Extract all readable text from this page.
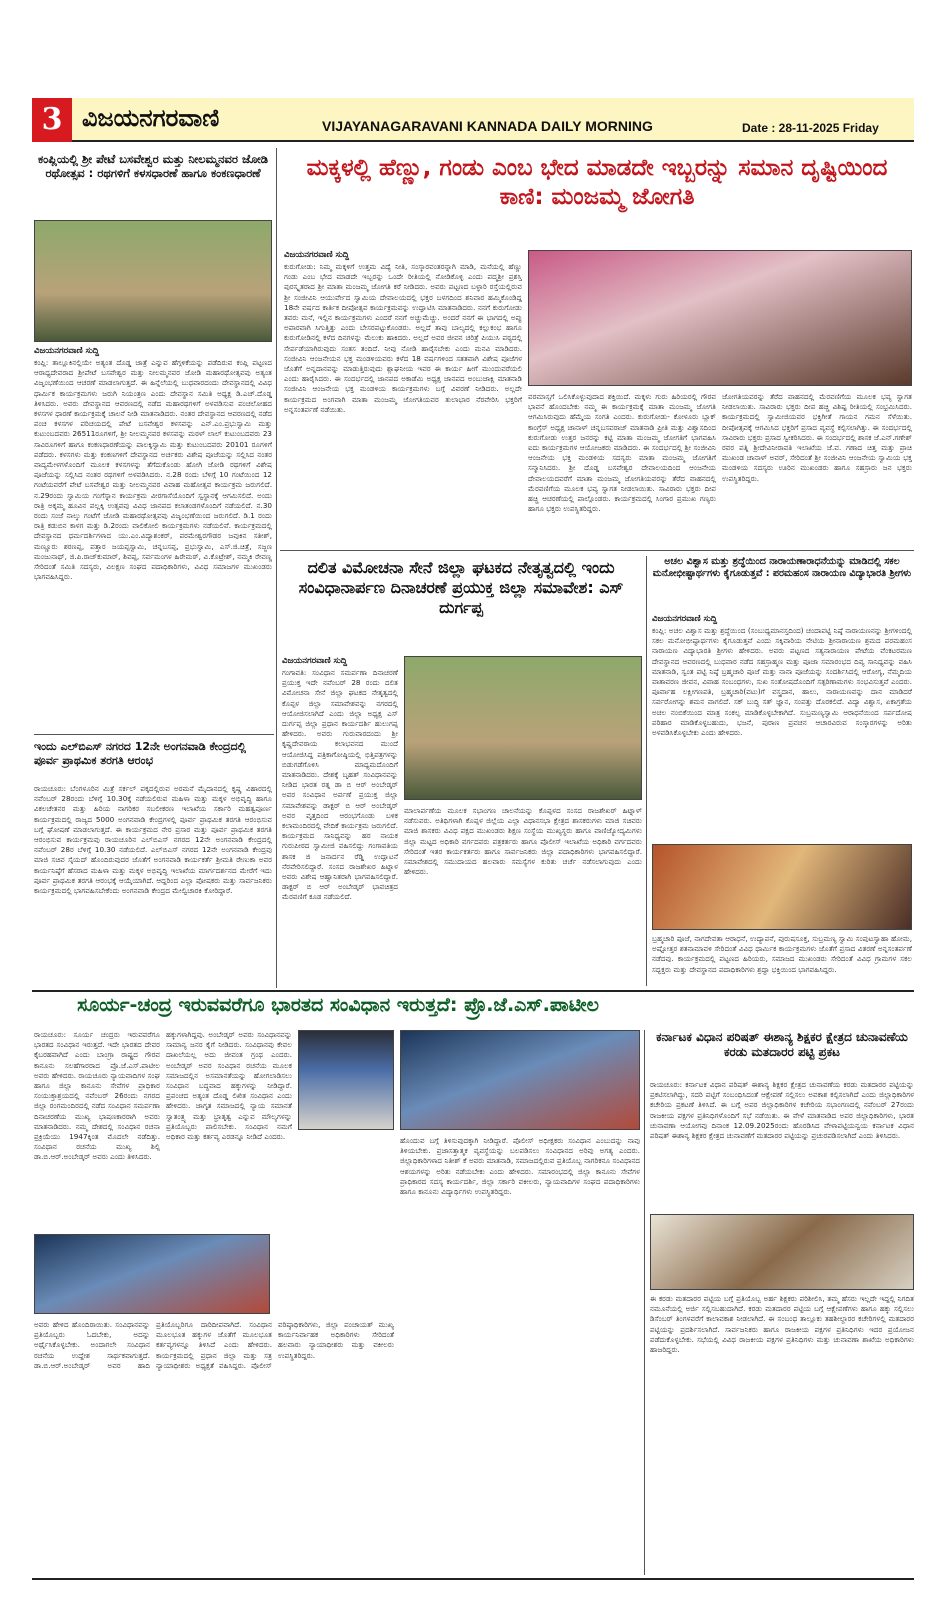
3 ವಿಜಯನಗರವಾಣಿ	VIJAYANAGARAVANI KANNADA DAILY MORNING	Date : 28-11-2025 Friday
ಕಂಪ್ಲಿಯಲ್ಲಿ ಶ್ರೀ ಪೇಟೆ ಬಸವೇಶ್ವರ ಮತ್ತು ನೀಲಮ್ಮನವರ ಜೋಡಿ ರಥೋತ್ಸವ : ರಥಗಳಿಗೆ ಕಳಸಧಾರಣೆ ಹಾಗೂ ಕಂಕಣಧಾರಣೆ
ವಿಜಯನಗರವಾಣಿ ಸುದ್ದಿ
ಕಂಪ್ಲಿ: ತಾಲ್ಲೂಕಿನಲ್ಲಿಯೇ ಅತ್ಯಂತ ದೊಡ್ಡ ಜಾತ್ರೆ ಎನ್ನುವ ಹೆಗ್ಗಳಿಕೆಯನ್ನು ಪಡೆದಿರುವ ಕಂಪ್ಲಿ ಪಟ್ಟಣದ ಆರಾಧ್ಯದೇವರಾದ ಶ್ರೀಪೇಟೆ ಬಸವೇಶ್ವರ ಮತ್ತು ನೀಲಮ್ಮನವರ ಜೋಡಿ ಮಹಾರಥೋತ್ಸವವು ಅತ್ಯಂತ ವಿಜೃಂಭಣೆಯಿಂದ ಆಚರಣೆ ಮಾಡಲಾಗುತ್ತದೆ. ಈ ಹಿನ್ನೆಲೆಯಲ್ಲಿ ಬುಧವಾರದಂದು ದೇವಸ್ಥಾನದಲ್ಲಿ ವಿವಿಧ ಧಾರ್ಮಿಕ ಕಾರ್ಯಕ್ರಮಗಳು ಜರುಗಿ ನಿಯಂತ್ರಣ ಎಂದು ದೇವಸ್ಥಾನ ಸಮಿತಿ ಅಧ್ಯಕ್ಷ ಡಿ.ಎಚ್.ದೊಡ್ಡ ತಿಳಿಸಿದರು. ಅವರು ದೇವಸ್ಥಾನದ ಆವರಣದಲ್ಲಿ ನಡೆದ ಮಹಾರಥಗಳಿಗೆ ಅಳವಡಿಸುವ ಪಂಚಲೋಹದ ಕಳಸಗಳ ಧಾರಣೆ ಕಾರ್ಯಕ್ರಮಕ್ಕೆ ಚಾಲನೆ ನೀಡಿ ಮಾತನಾಡಿದರು. ನಂತರ ದೇವಸ್ಥಾನದ ಆವರಣದಲ್ಲಿ ನಡೆದ ಪಂಚ ಕಳಸಗಳ ಪರಿಚಯದಲ್ಲಿ ಪೇಟೆ ಬಸವೇಶ್ವರ ಕಳಸವನ್ನು ಎನ್.ಎಂ.ಪ್ರಭುಸ್ವಾಮಿ ಮತ್ತು ಕುಟುಂಬದವರು 26511ರೂಗಳಿಗೆ, ಶ್ರೀ ನೀಲಮ್ಮನವರ ಕಳಸವನ್ನು ಮಠಳ್ ಲಾಲ್ ಕುಟುಂಬದವರು 23 ಸಾವಿರೂಗಳಿಗೆ ಹಾಗೂ ಕಂಕಣಧಾರಣೆಯನ್ನು ಪಾಲಕ್ಕಿಸ್ವಾಮಿ ಮತ್ತು ಕುಟುಂಬದವರು 20101 ರೂಗಳಿಗೆ ಪಡೆದರು. ಕಳಸಗಳು ಮತ್ತು ಕಂಕಣಗಳಿಗೆ ದೇವಸ್ಥಾನದ ಅರ್ಚಕರು ವಿಶೇಷ ಪೂಜೆಯನ್ನು ಸಲ್ಲಿಸಿದ ನಂತರ ವಾದ್ಯಮೇಳಗಳೊಂದಿಗೆ ಮೂಲಕ ಕಳಸಗಳನ್ನು ತೆಗೆದುಕೊಂಡು ಹೋಗಿ ಜೋಡಿ ರಥಗಳಿಗೆ ವಿಶೇಷ ಪೂಜೆಯನ್ನು ಸಲ್ಲಿಸಿದ ನಂತರ ರಥಗಳಿಗೆ ಅಳವಡಿಸಿದರು. ನ.28 ರಂದು ಬೆಳಿಗ್ಗೆ 10 ಗಂಟೆಯಿಂದ 12 ಗಂಟೆಯವರೆಗೆ ಪೇಟೆ ಬಸವೇಶ್ವರ ಮತ್ತು ನೀಲಮ್ಮನವರ ವಿವಾಹ ಮಹೋತ್ಸವ ಕಾರ್ಯಕ್ರಮ ಜರುಗಲಿದೆ. ನ.29ರಂದು ಸ್ವಾಮಿಯ ಗಂಗೆಸ್ನಾನ ಕಾರ್ಯಕ್ರಮ ವೀರಗಾಸೆಯೊಂದಿಗೆ ಸ್ವಸ್ಥಾನಕ್ಕೆ ಆಗಮಿಸಲಿದೆ. ಅಂದು ರಾತ್ರಿ ಅಕ್ಕಮ್ಮ ಹೂವಿನ ಪಲ್ಲಕ್ಕಿ ಉತ್ಸವವು ವಿವಿಧ ಜಾನಪದ ಕಲಾತಂಡಗಳೊಂದಿಗೆ ನಡೆಯಲಿದೆ. ನ.30 ರಂದು ಸಂಜೆ ನಾಲ್ಕು ಗಂಟೆಗೆ ಜೋಡಿ ಮಹಾರಥೋತ್ಸವವು ವಿಜೃಂಭಣೆಯಿಂದ ಜರುಗಲಿದೆ. ಡಿ.1 ರಂದು ರಾತ್ರಿ ಕಡುಬಿನ ಕಾಳಗ ಮತ್ತು ಡಿ.2ರಂದು ವಾಲಿಕೋಲಿ ಕಾರ್ಯಕ್ರಮಗಳು ನಡೆಯಲಿವೆ. ಕಾರ್ಯಕ್ರಮದಲ್ಲಿ ದೇವಸ್ಥಾನದ ಧರ್ಮದರ್ಶಿಗಳಾದ ಯು.ಎಂ.ವಿದ್ಯಾಶಂಕರ್, ಪರಮೇಶ್ವರಗೌಡರ ಜವುಕಿನ ಸತೀಶ್, ಮಣ್ಣೂರು ಶರಣಪ್ಪ, ಪತ್ತಾರ ಜಯಪ್ಪಸ್ವಾಮಿ, ಚನ್ನಬಸಪ್ಪ, ಪ್ರಭುಸ್ವಾಮಿ, ಎಸ್.ಜಿ.ಚಿತ್ರೆ, ಸಜ್ಜಣ ಮಂಜುನಾಥ್, ಜಿ.ಪಿ.ರಾಜ್‌ಕುಮಾರ್, ಶಿವಪ್ಪ, ಸರ್ವಮಂಗಳ ಹಿರೇಮಠ್, ವಿ.ಕೊಟ್ರೇಶ್, ನಮ್ಮಕಿ ರೇವಣ್ಣ ಸೇರಿದಂತೆ ಸಮಿತಿ ಸದಸ್ಯರು, ವಿಲಕ್ಷಣ ಸಂಘದ ಪದಾಧಿಕಾರಿಗಳು, ವಿವಿಧ ಸಮಾಜಗಳ ಮುಖಂಡರು ಭಾಗವಹಿಸಿದ್ದರು.
ಇಂದು ಎಲ್‌ಬಿಎಸ್ ನಗರದ 12ನೇ ಅಂಗನವಾಡಿ ಕೇಂದ್ರದಲ್ಲಿ ಪೂರ್ವ ಪ್ರಾಥಮಿಕ ತರಗತಿ ಆರಂಭ
ರಾಯಚೂರು: ಬೆಂಗಳೂರಿನ ಮಿತ್ರೆ ಸರ್ಕಲ್ ಪಕ್ಕದಲ್ಲಿರುವ ಅರಮನೆ ಮೈದಾನದಲ್ಲಿ ಕೃಷ್ಣ ವಿಹಾರದಲ್ಲಿ ನವೆಂಬರ್ 28ರಂದು ಬೆಳಿಗ್ಗೆ 10.30ಕ್ಕೆ ನಡೆಯಲಿರುವ ಮಹಿಳಾ ಮತ್ತು ಮಕ್ಕಳ ಅಭಿವೃದ್ಧಿ ಹಾಗೂ ವಿಕಲಚೇತನರ ಮತ್ತು ಹಿರಿಯ ನಾಗರಿಕರ ಸಬಲೀಕರಣ ಇಲಾಖೆಯ ಸರ್ಕಾರಿ ಮಹತ್ವಪೂರ್ಣ ಕಾರ್ಯಕ್ರಮದಲ್ಲಿ ರಾಜ್ಯದ 5000 ಅಂಗನವಾಡಿ ಕೇಂದ್ರಗಳಲ್ಲಿ ಪೂರ್ವ ಪ್ರಾಥಮಿಕ ತರಗತಿ ಆರಂಭಿಸುವ ಬಗ್ಗೆ ಘೋಷಣೆ ಮಾಡಲಾಗುತ್ತದೆ. ಈ ಕಾರ್ಯಕ್ರಮದ ನೇರ ಪ್ರಸಾರ ಮತ್ತು ಪೂರ್ವ ಪ್ರಾಥಮಿಕ ತರಗತಿ ಆರಂಭಿಸುವ ಕಾರ್ಯಕ್ರಮವು ರಾಯಚೂರಿನ ಎಲ್‌ಬಿಎಸ್ ನಗರದ 12ನೇ ಅಂಗನವಾಡಿ ಕೇಂದ್ರದಲ್ಲಿ ನವೆಂಬರ್ 28ರ ಬೆಳಿಗ್ಗೆ 10.30 ನಡೆಯಲಿದೆ. ಎಲ್‌ಬಿಎಸ್ ನಗರದ 12ನೇ ಅಂಗನವಾಡಿ ಕೇಂದ್ರವು ಮಾಜಿ ಸಚಿವ ಸೈಯದ್ ಹೊಂದಿರುವುದರ ಜೊತೆಗೆ ಅಂಗನವಾಡಿ ಕಾರ್ಯಕರ್ತೆ ಶ್ರೀಮತಿ ರೇಣುಕಾ ಅವರ ಕಾರ್ಯನಿಷ್ಠೆಗೆ ಹೆಸರಾದ ಮಹಿಳಾ ಮತ್ತು ಮಕ್ಕಳ ಅಭಿವೃದ್ಧಿ ಇಲಾಖೆಯ ಮಾರ್ಗದರ್ಶನದ ಮೇರೆಗೆ ಇದು ಪೂರ್ವ ಪ್ರಾಥಮಿಕ ತರಗತಿ ಆರಂಭಕ್ಕೆ ಆಯ್ಕೆಯಾಗಿದೆ. ಆದ್ದರಿಂದ ಎಲ್ಲಾ ಪೋಷಕರು ಮತ್ತು ಸಾರ್ವಜನಿಕರು ಕಾರ್ಯಕ್ರಮದಲ್ಲಿ ಭಾಗವಹಿಸಬೇಕೆಂದು ಅಂಗನವಾಡಿ ಕೇಂದ್ರದ ಮೇಲ್ವಿಚಾರಕಿ ಕೋರಿದ್ದಾರೆ.
ಮಕ್ಕಳಲ್ಲಿ ಹೆಣ್ಣು, ಗಂಡು ಎಂಬ ಭೇದ ಮಾಡದೇ ಇಬ್ಬರನ್ನು ಸಮಾನ ದೃಷ್ಟಿಯಿಂದ ಕಾಣಿ: ಮಂಜಮ್ಮ ಜೋಗತಿ
ವಿಜಯನಗರವಾಣಿ ಸುದ್ದಿ
ಕುರುಗೋಡು: ನಿಮ್ಮ ಮಕ್ಕಳಿಗೆ ಉತ್ತಮ ವಿದ್ಯೆ ನೀತಿ, ಸಂಸ್ಕಾರವಂತರನ್ನಾಗಿ ಮಾಡಿ, ಮನೆಯಲ್ಲಿ ಹೆಣ್ಣು ಗಂಡು ಎಂಬ ಭೇದ ಮಾಡದೇ ಇಬ್ಬರನ್ನು ಒಂದೇ ರೀತಿಯಲ್ಲಿ ನೋಡಿಕೊಳ್ಳಿ ಎಂದು ಪದ್ಮಶ್ರೀ ಪ್ರಶಸ್ತಿ ಪುರಸ್ಕೃತರಾದ ಶ್ರೀ ಮಾತಾ ಮಂಜಮ್ಮ ಜೋಗತಿ ಕರೆ ನೀಡಿದರು. ಅವರು ಪಟ್ಟಣದ ಬಳ್ಳಾರಿ ರಸ್ತೆಯಲ್ಲಿರುವ ಶ್ರೀ ಸಂಜೀವಿನಿ ಆಯುರ್ವೇದ ಸ್ವಾಮಿಯ ದೇವಾಲಯದಲ್ಲಿ ಭಕ್ತರ ಬಳಗದಿಂದ ಶನಿವಾರ ಹಮ್ಮಿಕೊಂಡಿದ್ದ 18ನೇ ವರ್ಷದ ಕಾರ್ತಿಕ ದೀಪೋತ್ಸವ ಕಾರ್ಯಕ್ರಮವನ್ನು ಉದ್ಘಾಟಿಸಿ ಮಾತನಾಡಿದರು. ನನಗೆ ಕುರುಗೋಡು ತವರು ಮನೆ, ಇಲ್ಲಿನ ಕಾರ್ಯಕ್ರಮಗಳು ಎಂದರೆ ನನಗೆ ಅಚ್ಚುಮೆಚ್ಚು. ಅಂದರೆ ನನಗೆ ಈ ಭಾಗದಲ್ಲಿ ಅಪ್ಪು ಅಪಾರವಾಗಿ ಸಿಗುತ್ತಿತ್ತು ಎಂದು ಬೇಸರಪಟ್ಟುಕೊಂಡರು. ಅಲ್ಲದೆ ತಾವು ಬಾಲ್ಯದಲ್ಲಿ ಕಲ್ಲುಕಂಭ ಹಾಗೂ ಕುರುಗೋಡಿನಲ್ಲಿ ಕಳೆದ ದಿನಗಳನ್ನು ಮೆಲುಕು ಹಾಕಿದರು. ಅಲ್ಲದೆ ಅವರ ಜೀವನ ಚರಿತ್ರೆ ಪಿಯುಸಿ ಪಠ್ಯದಲ್ಲಿ ಸೇರ್ಪಡೆಯಾಗಿರುವುದು ಸಂತಸ ತಂದಿದೆ. ನೀವು ನೋಡಿ ಹಾರೈಸಬೇಕು ಎಂದು ಮನವಿ ಮಾಡಿದರು. ಸಂಜೀವಿನಿ ಆಂಜನೇಯನ ಭಕ್ತ ಮಂಡಳಿಯವರು ಕಳೆದ 18 ವರ್ಷಗಳಿಂದ ಸತತವಾಗಿ ವಿಶೇಷ ಪೂಜೆಗಳ ಜೊತೆಗೆ ಅನ್ನದಾನವನ್ನು ಮಾಡುತ್ತಿರುವುದು ಶ್ಲಾಘನೀಯ ಇವರ ಈ ಕಾರ್ಯ ಹೀಗೆ ಮುಂದುವರೆಯಲಿ ಎಂದು ಹಾರೈಸಿದರು. ಈ ಸಂದರ್ಭದಲ್ಲಿ ಜಾನಪದ ಅಕಾಡೆಮಿ ಅಧ್ಯಕ್ಷ ಜಾನಪದ ಅಂಬುಜಾಕ್ಷಿ ಮಾತನಾಡಿ ಸಂಜೀವಿನಿ ಆಂಜನೇಯ ಭಕ್ತ ಮಂಡಳಿಯ ಕಾರ್ಯಕ್ರಮಗಳು ಬಗ್ಗೆ ವಿವರಣೆ ನೀಡಿದರು. ಅಲ್ಲದೇ ಕಾರ್ಯಕ್ರಮದ ಅಂಗವಾಗಿ ಮಾತಾ ಮಂಜಮ್ಮ ಜೋಗತಿಯವರ ತುಲಾಭಾರ ನೆರವೇರಿಸಿ ಭಕ್ತರಿಗೆ ಅನ್ನಸಂತರ್ಪಣೆ ನಡೆಯಿತು.
ವರಮಾಸ್ಸಗೆ ಒಲಿಸಿಕೊಳ್ಳುವುದಾದ ಶಕ್ತಿಯಿದೆ. ಮಕ್ಕಳು ಗುರು ಹಿರಿಯರಲ್ಲಿ ಗೌರವ ಭಾವನೆ ಹೊಂದಬೇಕು ನಮ್ಮ ಈ ಕಾರ್ಯಕ್ರಮಕ್ಕೆ ಮಾತಾ ಮಂಜಮ್ಮ ಜೋಗತಿ ಆಗಮಿಸಿರುವುದು ಹೆಮ್ಮೆಯ ಸಂಗತಿ ಎಂದರು. ಕುರುಗೋಡು- ಕೋಳೂರು ಬ್ಲಾಕ್ ಕಾಂಗ್ರೆಸ್ ಅಧ್ಯಕ್ಷ ಚಾನಾಳ್ ಚನ್ನಬಸವರಾಜ್ ಮಾತನಾಡಿ ಪ್ರೀತಿ ಮತ್ತು ವಿಶ್ವಾಸದಿಂದ ಕುರುಗೋಡು ಉತ್ತರ ಜನರನ್ನು ಕಟ್ಟಿ ಮಾತಾ ಮಂಜಮ್ಮ ಜೋಗತಿಗೆ ಭಾಗವಹಿಸಿ ಐದು ಕಾರ್ಯಕ್ರಮಗಳ ಆಯೋಜಕರು ಮಾಡಿದರು. ಈ ಸಂದರ್ಭದಲ್ಲಿ ಶ್ರೀ ಸಂಜೀವಿನಿ ಆಂಜನೇಯ ಭಕ್ತ ಮಂಡಳಿಯ ಸದಸ್ಯರು ಮಾತಾ ಮಂಜಮ್ಮ ಜೋಗತಿಗೆ ಸನ್ಮಾನಿಸಿದರು. ಶ್ರೀ ದೊಡ್ಡ ಬಸವೇಶ್ವರ ದೇವಾಲಯದಿಂದ ಆಂಜನೇಯ ದೇವಾಲಯದವರೆಗೆ ಮಾತಾ ಮಂಜಮ್ಮ ಜೋಗತಿಯವರನ್ನು ತೆರೆದ ವಾಹನದಲ್ಲಿ ಮೆರವಣಿಗೆಯ ಮೂಲಕ ಭವ್ಯ ಸ್ವಾಗತ ನೀಡಲಾಯಿತು. ಸಾವಿರಾರು ಭಕ್ತರು ದೀಪ ಹಚ್ಚಿ ಆಚರಣೆಯಲ್ಲಿ ಪಾಲ್ಗೊಂಡರು. ಕಾರ್ಯಕ್ರಮದಲ್ಲಿ ಸಿಂಗಾರ ಪ್ರಮುಖ ಗಣ್ಯರು ಹಾಗೂ ಭಕ್ತರು ಉಪಸ್ಥಿತರಿದ್ದರು.
ಜೋಗತಿಯವರನ್ನು ತೆರೆದ ವಾಹನದಲ್ಲಿ ಮೆರವಣಿಗೆಯ ಮೂಲಕ ಭವ್ಯ ಸ್ವಾಗತ ನೀಡಲಾಯಿತು. ಸಾವಿರಾರು ಭಕ್ತರು ದೀಪ ಹಚ್ಚಿ ವಿಶಿಷ್ಟ ರೀತಿಯಲ್ಲಿ ಸಂಭ್ರಮಿಸಿದರು. ಕಾರ್ಯಕ್ರಮದಲ್ಲಿ ಸ್ವಾಮೀಜಿಯವರ ಭಕ್ತಿಗೀತೆ ಗಾಯನ ಗಮನ ಸೆಳೆಯಿತು. ದೀಪೋತ್ಸವಕ್ಕೆ ಆಗಮಿಸಿದ ಭಕ್ತರಿಗೆ ಪ್ರಸಾದ ವ್ಯವಸ್ಥೆ ಕಲ್ಪಿಸಲಾಗಿತ್ತು. ಈ ಸಂದರ್ಭದಲ್ಲಿ ಸಾವಿರಾರು ಭಕ್ತರು ಪ್ರಸಾದ ಸ್ವೀಕರಿಸಿದರು. ಈ ಸಂದರ್ಭದಲ್ಲಿ ಶಾಸಕ ಜೆ.ಎನ್.ಗಣೇಶ್ ರವರ ಪತ್ನಿ ಶ್ರೀದೇವಿನೀರಾವತಿ ಇಲಾಖೆಯ ಜೆ.ವ. ಗಣಾದ ಚಿತ್ತ ಮತ್ತು ಪ್ರಾಚಿ ಮುಖಂಡ ಚಾನಾಳ್ ಅವರ್, ಸೇರಿದಂತೆ ಶ್ರೀ ಸಂಜೀವಿನಿ ಆಂಜನೇಯ ಸ್ವಾಮಿಯ ಭಕ್ತ ಮಂಡಳಿಯ ಸದಸ್ಯರು ಊರಿನ ಮುಖಂಡರು ಹಾಗೂ ಸಹಸ್ರಾರು ಜನ ಭಕ್ತರು ಉಪಸ್ಥಿತರಿದ್ದರು.
ದಲಿತ ವಿಮೋಚನಾ ಸೇನೆ ಜಿಲ್ಲಾ ಘಟಕದ ನೇತೃತ್ವದಲ್ಲಿ ಇಂದು ಸಂವಿಧಾನಾರ್ಪಣ ದಿನಾಚರಣೆ ಪ್ರಯುಕ್ತ ಜಿಲ್ಲಾ ಸಮಾವೇಶ: ಎಸ್ ದುರ್ಗಪ್ಪ
ವಿಜಯನಗರವಾಣಿ ಸುದ್ದಿ
ಗಂಗಾವತಿ: ಸಂವಿಧಾನ ಸಮರ್ಪಣಾ ದಿನಾಚರಣೆ ಪ್ರಯುಕ್ತ ಇದೇ ನವೆಂಬರ್ 28 ರಂದು ದಲಿತ ವಿಮೋಚನಾ ಸೇನೆ ಜಿಲ್ಲಾ ಘಟಕದ ನೇತೃತ್ವದಲ್ಲಿ ಕೊಪ್ಪಳ ಜಿಲ್ಲಾ ಸಮಾವೇಶವನ್ನು ನಗರದಲ್ಲಿ ಆಯೋಜಿಸಲಾಗಿದೆ ಎಂದು ಜಿಲ್ಲಾ ಅಧ್ಯಕ್ಷ ಎಸ್ ದುರ್ಗಪ್ಪ ಜಿಲ್ಲಾ ಪ್ರಧಾನ ಕಾರ್ಯದರ್ಶಿ ಹುಲುಗಪ್ಪ ಹೇಳಿದರು. ಅವರು ಗುರುವಾರದಂದು ಶ್ರೀ ಕೃಷ್ಣದೇವರಾಯ ಕಲಾಭವನದ ಮುಂದೆ ಆಯೋಜಿಸಿದ್ದ ಪತ್ರಿಕಾಗೋಷ್ಠಿಯಲ್ಲಿ ಭಿತ್ತಿಪತ್ರಗಳನ್ನು ಬಿಡುಗಡೆಗೊಳಿಸಿ ಮಾಧ್ಯಮದೊಂದಿಗೆ ಮಾತನಾಡಿದರು. ದೇಶಕ್ಕೆ ಬೃಹತ್ ಸಂವಿಧಾನವನ್ನು ನೀಡಿದ ಭಾರತ ರತ್ನ ಡಾ ಬಿ ಆರ್ ಅಂಬೇಡ್ಕರ್ ಅವರ ಸಂವಿಧಾನ ಅರ್ಪಣೆ ಪ್ರಯುಕ್ತ ಜಿಲ್ಲಾ ಸಮಾವೇಶವನ್ನು ಡಾಕ್ಟರ್ ಬಿ ಆರ್ ಅಂಬೇಡ್ಕರ್ ಅವರ ವೃತ್ತದಿಂದ ಆರಂಭಗೊಂಡು ಬಳಿಕ ಕಲಾಮಂದಿರದಲ್ಲಿ ವೇದಿಕೆ ಕಾರ್ಯಕ್ರಮ ಜರುಗಲಿದೆ. ಕಾರ್ಯಕ್ರಮದ ಸಾನಿಧ್ಯವನ್ನು ಹರ ನಾಯಕ ಗುರುಪೀಠದ ಸ್ವಾಮೀಜಿ ವಹಿಸಲಿದ್ದು ಗಂಗಾವತಿಯ ಶಾಸಕ ಜಿ ಜನಾರ್ದನ ರೆಡ್ಡಿ ಉದ್ಘಾಟನೆ ನೆರವೇರಿಸಲಿದ್ದಾರೆ. ಸಂಸದ ರಾಜಶೇಖರ ಹಿಟ್ನಾಳ ಅವರು ವಿಶೇಷ ಆಹ್ವಾನಿತರಾಗಿ ಭಾಗವಹಿಸಲಿದ್ದಾರೆ. ಡಾಕ್ಟರ್ ಬಿ ಆರ್ ಅಂಬೇಡ್ಕರ್ ಭಾವಚಿತ್ರದ ಮೆರವಣಿಗೆ ಕೂಡ ನಡೆಯಲಿದೆ.
ಮಾಲಾರ್ಪಣೆಯ ಮೂಲಕ ಸಭಾಂಗಣ ಚಾಲನೆಯನ್ನು ಕೊಪ್ಪಳದ ಸಂಸದ ರಾಜಶೇಖರ್ ಹಿಟ್ನಾಳ್ ನಡೆಸುವರು. ಅತಿಥಿಗಳಾಗಿ ಕೊಪ್ಪಳ ಜಿಲ್ಲೆಯ ಎಲ್ಲಾ ವಿಧಾನಸಭಾ ಕ್ಷೇತ್ರದ ಶಾಸಕರುಗಳು ಮಾಜಿ ಸಚಿವರು ಮಾಜಿ ಶಾಸಕರು ವಿವಿಧ ಪಕ್ಷದ ಮುಖಂಡರು ಶಿಕ್ಷಣ ಸಂಸ್ಥೆಯ ಮುಖ್ಯಸ್ಥರು ಹಾಗೂ ವಾಣಿಜ್ಯೋದ್ಯಮಿಗಳು ಜಿಲ್ಲಾ ಮಟ್ಟದ ಅಧಿಕಾರಿ ವರ್ಗದವರು ಪತ್ರಕರ್ತರು ಹಾಗೂ ಪೊಲೀಸ್ ಇಲಾಖೆಯ ಅಧಿಕಾರಿ ವರ್ಗದವರು ಸೇರಿದಂತೆ ಇತರ ಕಾರ್ಯಕರ್ತರು ಹಾಗೂ ಸಾರ್ವಜನಿಕರು ಜಿಲ್ಲಾ ಪದಾಧಿಕಾರಿಗಳು ಭಾಗವಹಿಸಲಿದ್ದಾರೆ. ಸಮಾವೇಶದಲ್ಲಿ ಸಮುದಾಯದ ಹಲವಾರು ಸಮಸ್ಯೆಗಳ ಕುರಿತು ಚರ್ಚೆ ನಡೆಸಲಾಗುವುದು ಎಂದು ಹೇಳಿದರು.
ಅಚಲ ವಿಶ್ವಾಸ ಮತ್ತು ಶ್ರದ್ಧೆಯಿಂದ ನಾರಾಯಣಾರಾಧನೆಯನ್ನು ಮಾಡಿದಲ್ಲಿ ಸಕಲ ಮನೋಭೀಷ್ಟಾರ್ಥಗಳು ಕೈಗೂಡುತ್ತವೆ : ಪರಮಹಂಸ ನಾರಾಯಣ ವಿದ್ಯಾಭಾರತಿ ಶ್ರೀಗಳು
ವಿಜಯನಗರವಾಣಿ ಸುದ್ದಿ
ಕಂಪ್ಲಿ: ಅಚಲ ವಿಶ್ವಾಸ ಮತ್ತು ಶ್ರದ್ಧೆಯಿಂದ (ಸಂಬುಧ್ಯಮಾನಸ್ತದಿಂದ) ಚಂದಾಪಟ್ಟಿ ನಿಷ್ಠೆ ನಾರಾಯಣನನ್ನು ಶ್ರೀಗಳಿಂದಲ್ಲಿ ಸಕಲ ಮನೋಭೀಷ್ಟಾರ್ಥಗಳು ಕೈಗೂಡುತ್ತವೆ ಎಂದು ಸಕ್ಕಿವಾರಿಯ ನೇಟಿಯ ಶ್ರೀನಾರಾಯಣ ಶ್ರಮದ ಪರಮಹಂಸ ನಾರಾಯಣ ವಿದ್ಯಾಭಾರತಿ ಶ್ರೀಗಳು ಹೇಳಿದರು. ಅವರು ಪಟ್ಟಣದ ಸತ್ಯನಾರಾಯಣ ಪೇಟೆಯ ವೆಂಕಟರಮಣ ದೇವಸ್ಥಾನದ ಆವರಣದಲ್ಲಿ ಬುಧವಾರ ನಡೆದ ಸಹಸ್ರಾಹ್ಮಣ ಮತ್ತು ಪೂಜಾ ಸಮಾರಂಭದ ದಿವ್ಯ ಸಾನಿಧ್ಯವನ್ನು ವಹಿಸಿ ಮಾತನಾಡಿ, ಸ್ವಂತ ಪಟ್ಟಿ ನಿಷ್ಠೆ ಬ್ರಹ್ಮಚಾರಿ ಪೂಜೆ ಮತ್ತು ನಾನಾ ಪೂಜೆಯನ್ನು ಸಂದರ್ಶಿಸಿದಲ್ಲಿ ಆರೋಗ್ಯ, ನೆಮ್ಮದಿಯ ವಾತಾವರಣ ಜೀವನ, ವಿವಾಹ ಸಂಬಂಧಗಳು, ಸುಖ ಸಂತೋಷದೊಂದಿಗೆ ಸತ್ಪರಿಣಾಮಗಳು ಸಂಭವಿಸುತ್ತವೆ ಎಂದರು. ಪೂರ್ವಾಹ ಲಕ್ಷೀಗಣಪತಿ, ಬ್ರಹ್ಮಚಾರಿ(ವಟು)ಗೆ ವಸ್ತ್ರದಾನ, ಹಾಲು, ನಾರಾಯಣವನ್ನು ದಾನ ಮಾಡಿದರೆ ಸರ್ವರೋಗನ್ನು ಶಮನ ವಾಗಲಿದೆ. ಸಕ್ ಬುದ್ಧಿ ಸತ್ ಜ್ಞಾನ, ಸಂಪತ್ತು ದೊರಕಲಿದೆ. ವಿದ್ಯಾ ವಿಶ್ವಾಸ, ಏಕಾಗ್ರತೆಯ ಅಚಲ ನಂಬಿಕೆಯಿಂದ ಮಾತ್ರ ಸಂಕಲ್ಪ ಮಾಡಿಕೊಳ್ಳಬೇಕಾಗಿದೆ. ಸುಬ್ರಮಣ್ಯಸ್ವಾಮಿ ಆರಾಧನೆಯಿಂದ ಸರ್ಪದೋಷ ಪರಿಹಾರ ಮಾಡಿಕೊಳ್ಳಬಹುದು, ಭಜನೆ, ಪುರಾಣ ಪ್ರವಚನ ಆಚಾರವಿರುವ ಸಂಸ್ಕಾರಗಳನ್ನು ಅರಿತು ಅಳವಡಿಸಿಕೊಳ್ಳಬೇಕು ಎಂದು ಹೇಳಿದರು.
ಬ್ರಹ್ಮಚಾರಿ ಪೂಜೆ, ನಾಗದೇವತಾ ಆರಾಧನೆ, ಉದ್ಯಾಪನೆ, ಪುರುಷಸೂಕ್ತ, ಸುಬ್ರಮಣ್ಯ ಸ್ವಾಮಿ ಸಂಪುಟಸ್ವಾಹಾ ಹೋಮ, ಅಷ್ಟೋತ್ತರ ಶತನಾಮಾವಳಿ ಸೇರಿದಂತೆ ವಿವಿಧ ಧಾರ್ಮಿಕ ಕಾರ್ಯಕ್ರಮಗಳು ಜೊತೆಗೆ ಪ್ರಸಾದ ವಿತರಣೆ ಅನ್ನಸಂತರ್ಪಣೆ ನಡೆದವು. ಕಾರ್ಯಕ್ರಮದಲ್ಲಿ ಪಟ್ಟಣದ ಹಿರಿಯರು, ಸಮಾಜದ ಮುಖಂಡರು ಸೇರಿದಂತೆ ವಿವಿಧ ಗ್ರಾಮಗಳ ಸಕಲ ಸದ್ಭಕ್ತರು ಮತ್ತು ದೇವಸ್ಥಾನದ ಪದಾಧಿಕಾರಿಗಳು ಶ್ರದ್ಧಾ ಭಕ್ತಿಯಿಂದ ಭಾಗವಹಿಸಿದ್ದರು.
ಸೂರ್ಯ-ಚಂದ್ರ ಇರುವವರೆಗೂ ಭಾರತದ ಸಂವಿಧಾನ ಇರುತ್ತದೆ: ಪ್ರೊ.ಜೆ.ಎಸ್.ಪಾಟೀಲ
ರಾಯಚೂರು: ಸೂರ್ಯ ಚಂದ್ರರು ಇರುವವರೆಗೂ ಭಾರತದ ಸಂವಿಧಾನ ಇರುತ್ತದೆ. ಇದೇ ಭಾರತದ ದೇವರ ಕೈಬರಹವಾಗಿದೆ ಎಂದು ಬಾಂಗ್ರಾ ರಾಷ್ಟ್ರದ ಗೌರವ ಕಾನೂನು ಸಲಹೆಗಾರರಾದ ಪ್ರೊ.ಜೆ.ಎಸ್.ಪಾಟೀಲ ಅವರು ಹೇಳಿದರು. ರಾಯಚೂರು ನ್ಯಾಯವಾದಿಗಳ ಸಂಘ ಹಾಗೂ ಜಿಲ್ಲಾ ಕಾನೂನು ಸೇವೆಗಳ ಪ್ರಾಧಿಕಾರ ಸಂಯುಕ್ತಾಶ್ರಯದಲ್ಲಿ ನವೆಂಬರ್ 26ರಂದು ನಗರದ ಜಿಲ್ಲಾ ರಂಗಮಂದಿರದಲ್ಲಿ ನಡೆದ ಸಂವಿಧಾನ ಸಮರ್ಪಣಾ ದಿನಾಚರಣೆಯ ಮುಖ್ಯ ಭಾಷಣಕಾರರಾಗಿ ಅವರು ಮಾತನಾಡಿದರು. ನಮ್ಮ ದೇಶದಲ್ಲಿ ಸಂವಿಧಾನ ರಚನಾ ಪ್ರಕ್ರಿಯೆಯು 1947ಕ್ಕಿಂತ ಮೊದಲೇ ನಡೆದಿತ್ತು. ಸಂವಿಧಾನ ರಚನೆಯ ಮುಖ್ಯ ಶಿಲ್ಪಿ ಡಾ.ಬಿ.ಆರ್.ಅಂಬೇಡ್ಕರ್ ಅವರು ಎಂದು ತಿಳಿಸಿದರು.
ಹಕ್ಕುಗಳಾಗಿದ್ದವು. ಅಂಬೇಡ್ಕರ್ ಅವರು ಸಂವಿಧಾನವನ್ನು ಸಾಮಾನ್ಯ ಜನರ ಕೈಗೆ ನೀಡಿದರು. ಸಂವಿಧಾನವು ಕೇವಲ ದಾಖಲೆಯಲ್ಲ ಅದು ಜೀವಂತ ಗ್ರಂಥ ಎಂದರು. ಅಂಬೇಡ್ಕರ್ ಅವರ ಸಂವಿಧಾನ ರಚನೆಯ ಮೂಲಕ ಸಮಾಜದಲ್ಲಿನ ಅಸಮಾನತೆಯನ್ನು ಹೋಗಲಾಡಿಸಲು ಸಂವಿಧಾನ ಬದ್ಧವಾದ ಹಕ್ಕುಗಳನ್ನು ನೀಡಿದ್ದಾರೆ. ಪ್ರಪಂಚದ ಅತ್ಯಂತ ದೊಡ್ಡ ಲಿಖಿತ ಸಂವಿಧಾನ ಎಂದು ಹೇಳಿದರು. ಜಾಗೃತ ಸಮಾಜದಲ್ಲಿ ನ್ಯಾಯ ಸಮಾನತೆ ಸ್ವಾತಂತ್ರ್ಯ ಮತ್ತು ಭ್ರಾತೃತ್ವ ಎನ್ನುವ ಮೌಲ್ಯಗಳನ್ನು ಪ್ರತಿಯೊಬ್ಬರು ಪಾಲಿಸಬೇಕು. ಸಂವಿಧಾನ ನಮಗೆ ಅಧಿಕಾರ ಮತ್ತು ಕರ್ತವ್ಯ ಎರಡನ್ನೂ ನೀಡಿದೆ ಎಂದರು.	ಹೊಂದುವ ಬಗ್ಗೆ ತಿಳಿಸುವುದಕ್ಕಾಗಿ ನೀಡಿದ್ದಾರೆ. ಪೊಲೀಸ್ ಅಧೀಕ್ಷಕರು ಸಂವಿಧಾನ ಎಂಬುದನ್ನು ನಾವು ತಿಳಿಯಬೇಕು. ಪ್ರಜಾಸತ್ತಾತ್ಮಕ ವ್ಯವಸ್ಥೆಯನ್ನು ಬಲಪಡಿಸಲು ಸಂವಿಧಾನದ ಅರಿವು ಅಗತ್ಯ ಎಂದರು. ಜಿಲ್ಲಾಧಿಕಾರಿಗಳಾದ ನಿತೀಶ್ ಕೆ ಅವರು ಮಾತನಾಡಿ, ಸಮಾಜದಲ್ಲಿರುವ ಪ್ರತಿಯೊಬ್ಬ ನಾಗರಿಕನೂ ಸಂವಿಧಾನದ ಆಶಯಗಳನ್ನು ಅರಿತು ನಡೆಯಬೇಕು ಎಂದು ಹೇಳಿದರು. ಸಮಾರಂಭದಲ್ಲಿ ಜಿಲ್ಲಾ ಕಾನೂನು ಸೇವೆಗಳ ಪ್ರಾಧಿಕಾರದ ಸದಸ್ಯ ಕಾರ್ಯದರ್ಶಿ, ಜಿಲ್ಲಾ ಸರ್ಕಾರಿ ವಕೀಲರು, ನ್ಯಾಯವಾದಿಗಳ ಸಂಘದ ಪದಾಧಿಕಾರಿಗಳು ಹಾಗೂ ಕಾನೂನು ವಿದ್ಯಾರ್ಥಿಗಳು ಉಪಸ್ಥಿತರಿದ್ದರು.
ಅವರು ಹೇಳಿದ ಹೊಂದಿರಾಯಿತು. ಸಂವಿಧಾನವನ್ನು ಪ್ರತಿಯೊಬ್ಬರು ಓದಬೇಕು, ಅದನ್ನು ಅರ್ಥೈಸಿಕೊಳ್ಳಬೇಕು. ಅಂದಾಗಲೇ ಸಂವಿಧಾನ ರಚನೆಯ ಉದ್ದೇಶ ಸಾರ್ಥಕವಾಗುತ್ತದೆ. ಡಾ.ಬಿ.ಆರ್.ಅಂಬೇಡ್ಕರ್ ಅವರ ಹಾದಿ ಪ್ರತಿಯೊಬ್ಬರಿಗೂ ದಾರಿದೀಪವಾಗಿದೆ. ಸಂವಿಧಾನ ಮೂಲಭೂತ ಹಕ್ಕುಗಳ ಜೊತೆಗೆ ಮೂಲಭೂತ ಕರ್ತವ್ಯಗಳನ್ನೂ ತಿಳಿಸಿದೆ ಎಂದು ಹೇಳಿದರು. ಕಾರ್ಯಕ್ರಮದಲ್ಲಿ ಪ್ರಧಾನ ಜಿಲ್ಲಾ ಮತ್ತು ಸತ್ರ ನ್ಯಾಯಾಧೀಶರು ಅಧ್ಯಕ್ಷತೆ ವಹಿಸಿದ್ದರು. ಪೊಲೀಸ್ ವರಿಷ್ಠಾಧಿಕಾರಿಗಳು, ಜಿಲ್ಲಾ ಪಂಚಾಯತ್ ಮುಖ್ಯ ಕಾರ್ಯನಿರ್ವಾಹಕ ಅಧಿಕಾರಿಗಳು ಸೇರಿದಂತೆ ಹಲವಾರು ನ್ಯಾಯಾಧೀಶರು ಮತ್ತು ವಕೀಲರು ಉಪಸ್ಥಿತರಿದ್ದರು.
ಕರ್ನಾಟಕ ವಿಧಾನ ಪರಿಷತ್ ಈಶಾನ್ಯ ಶಿಕ್ಷಕರ ಕ್ಷೇತ್ರದ ಚುನಾವಣೆಯ ಕರಡು ಮತದಾರರ ಪಟ್ಟಿ ಪ್ರಕಟ
ರಾಯಚೂರು: ಕರ್ನಾಟಕ ವಿಧಾನ ಪರಿಷತ್ ಈಶಾನ್ಯ ಶಿಕ್ಷಕರ ಕ್ಷೇತ್ರದ ಚುನಾವಣೆಯ ಕರಡು ಮತದಾರರ ಪಟ್ಟಿಯನ್ನು ಪ್ರಕಟಿಸಲಾಗಿದ್ದು, ಸದರಿ ಪಟ್ಟಿಗೆ ಸಂಬಂಧಿಸಿದಂತೆ ಆಕ್ಷೇಪಣೆ ಸಲ್ಲಿಸಲು ಅವಕಾಶ ಕಲ್ಪಿಸಲಾಗಿದೆ ಎಂದು ಜಿಲ್ಲಾಧಿಕಾರಿಗಳ ಕಚೇರಿಯ ಪ್ರಕಟಣೆ ತಿಳಿಸಿದೆ. ಈ ಬಗ್ಗೆ ಅಪರ ಜಿಲ್ಲಾಧಿಕಾರಿಗಳ ಕಚೇರಿಯ ಸಭಾಂಗಣದಲ್ಲಿ ನವೆಂಬರ್ 27ರಂದು ರಾಜಕೀಯ ಪಕ್ಷಗಳ ಪ್ರತಿನಿಧಿಗಳೊಂದಿಗೆ ಸಭೆ ನಡೆಯಿತು. ಈ ವೇಳೆ ಮಾತನಾಡಿದ ಅಪರ ಜಿಲ್ಲಾಧಿಕಾರಿಗಳು, ಭಾರತ ಚುನಾವಣಾ ಆಯೋಗವು ದಿನಾಂಕ 12.09.2025ರಂದು ಹೊರಡಿಸಿದ ವೇಳಾಪಟ್ಟಿಯನ್ವಯ ಕರ್ನಾಟಕ ವಿಧಾನ ಪರಿಷತ್ ಈಶಾನ್ಯ ಶಿಕ್ಷಕರ ಕ್ಷೇತ್ರದ ಚುನಾವಣೆಗೆ ಮತದಾರರ ಪಟ್ಟಿಯನ್ನು ಪ್ರಚುರಪಡಿಸಲಾಗಿದೆ ಎಂದು ತಿಳಿಸಿದರು.
ಈ ಕರಡು ಮತದಾರರ ಪಟ್ಟಿಯ ಬಗ್ಗೆ ಪ್ರತಿಯೊಬ್ಬ ಅರ್ಹ ಶಿಕ್ಷಕರು ಪರಿಶೀಲಿಸಿ, ತಮ್ಮ ಹೆಸರು ಇಲ್ಲದೇ ಇದ್ದಲ್ಲಿ ನಿಗದಿತ ನಮೂನೆಯಲ್ಲಿ ಅರ್ಜಿ ಸಲ್ಲಿಸಬಹುದಾಗಿದೆ. ಕರಡು ಮತದಾರರ ಪಟ್ಟಿಯ ಬಗ್ಗೆ ಆಕ್ಷೇಪಣೆಗಳು ಹಾಗೂ ಹಕ್ಕು ಸಲ್ಲಿಸಲು ಡಿಸೆಂಬರ್ ತಿಂಗಳವರೆಗೆ ಕಾಲಾವಕಾಶ ನೀಡಲಾಗಿದೆ. ಈ ಸಂಬಂಧ ತಾಲ್ಲೂಕು ತಹಶೀಲ್ದಾರರ ಕಚೇರಿಗಳಲ್ಲಿ ಮತದಾರರ ಪಟ್ಟಿಯನ್ನು ಪ್ರದರ್ಶಿಸಲಾಗಿದೆ. ಸಾರ್ವಜನಿಕರು ಹಾಗೂ ರಾಜಕೀಯ ಪಕ್ಷಗಳ ಪ್ರತಿನಿಧಿಗಳು ಇದರ ಪ್ರಯೋಜನ ಪಡೆದುಕೊಳ್ಳಬೇಕು. ಸಭೆಯಲ್ಲಿ ವಿವಿಧ ರಾಜಕೀಯ ಪಕ್ಷಗಳ ಪ್ರತಿನಿಧಿಗಳು ಮತ್ತು ಚುನಾವಣಾ ಶಾಖೆಯ ಅಧಿಕಾರಿಗಳು ಹಾಜರಿದ್ದರು.
